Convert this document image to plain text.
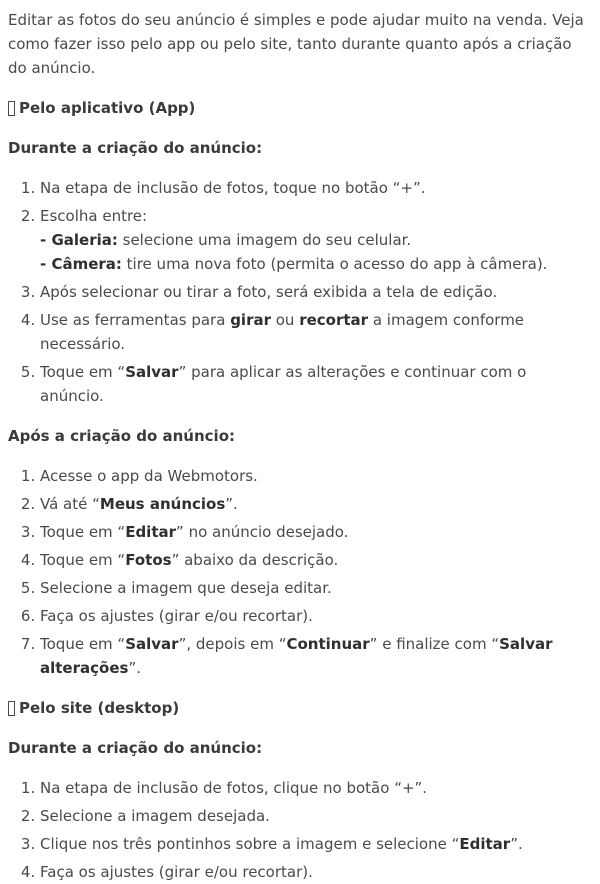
Editar as fotos do seu anúncio é simples e pode ajudar muito na venda. Veja como fazer isso pelo app ou pelo site, tanto durante quanto após a criação do anúncio.

Pelo aplicativo (App)

Durante a criação do anúncio:

1. Na etapa de inclusão de fotos, toque no botão “+”.
2. Escolha entre:
- Galeria: selecione uma imagem do seu celular.
- Câmera: tire uma nova foto (permita o acesso do app à câmera).
3. Após selecionar ou tirar a foto, será exibida a tela de edição.
4. Use as ferramentas para girar ou recortar a imagem conforme necessário.
5. Toque em “Salvar” para aplicar as alterações e continuar com o anúncio.

Após a criação do anúncio:

1. Acesse o app da Webmotors.
2. Vá até “Meus anúncios”.
3. Toque em “Editar” no anúncio desejado.
4. Toque em “Fotos” abaixo da descrição.
5. Selecione a imagem que deseja editar.
6. Faça os ajustes (girar e/ou recortar).
7. Toque em “Salvar”, depois em “Continuar” e finalize com “Salvar alterações”.
Pelo site (desktop)

Durante a criação do anúncio:

1. Na etapa de inclusão de fotos, clique no botão “+”.
2. Selecione a imagem desejada.
3. Clique nos três pontinhos sobre a imagem e selecione “Editar”.
4. Faça os ajustes (girar e/ou recortar).
